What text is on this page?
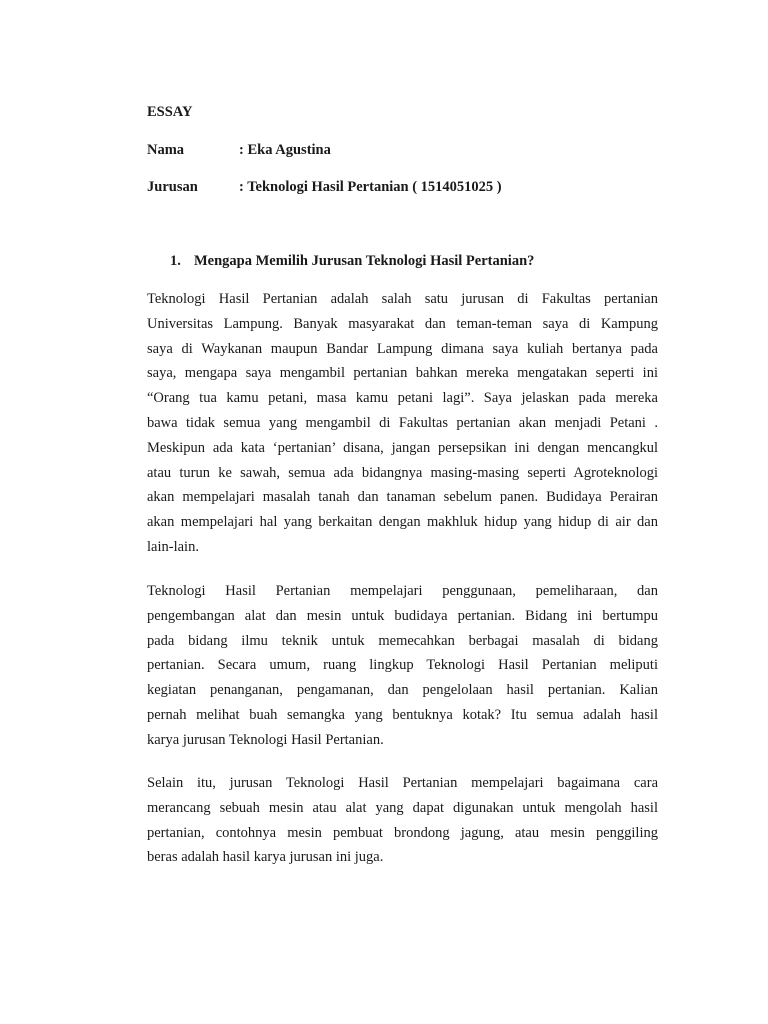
ESSAY
Nama	: Eka Agustina
Jurusan	: Teknologi Hasil Pertanian ( 1514051025 )
1. Mengapa Memilih Jurusan Teknologi Hasil Pertanian?

Teknologi Hasil Pertanian adalah salah satu jurusan di Fakultas pertanian
Universitas Lampung. Banyak masyarakat dan teman-teman saya di Kampung
saya di Waykanan maupun Bandar Lampung dimana saya kuliah bertanya pada
saya, mengapa saya mengambil pertanian bahkan mereka mengatakan seperti ini
“Orang tua kamu petani, masa kamu petani lagi”. Saya jelaskan pada mereka
bawa tidak semua yang mengambil di Fakultas pertanian akan menjadi Petani .
Meskipun ada kata ‘pertanian’ disana, jangan persepsikan ini dengan mencangkul
atau turun ke sawah, semua ada bidangnya masing-masing seperti Agroteknologi
akan mempelajari masalah tanah dan tanaman sebelum panen. Budidaya Perairan
akan mempelajari hal yang berkaitan dengan makhluk hidup yang hidup di air dan
lain-lain.

Teknologi Hasil Pertanian mempelajari penggunaan, pemeliharaan, dan
pengembangan alat dan mesin untuk budidaya pertanian. Bidang ini bertumpu
pada bidang ilmu teknik untuk memecahkan berbagai masalah di bidang
pertanian. Secara umum, ruang lingkup Teknologi Hasil Pertanian meliputi
kegiatan penanganan, pengamanan, dan pengelolaan hasil pertanian. Kalian
pernah melihat buah semangka yang bentuknya kotak? Itu semua adalah hasil
karya jurusan Teknologi Hasil Pertanian.

Selain itu, jurusan Teknologi Hasil Pertanian mempelajari bagaimana cara
merancang sebuah mesin atau alat yang dapat digunakan untuk mengolah hasil
pertanian, contohnya mesin pembuat brondong jagung, atau mesin penggiling
beras adalah hasil karya jurusan ini juga.
